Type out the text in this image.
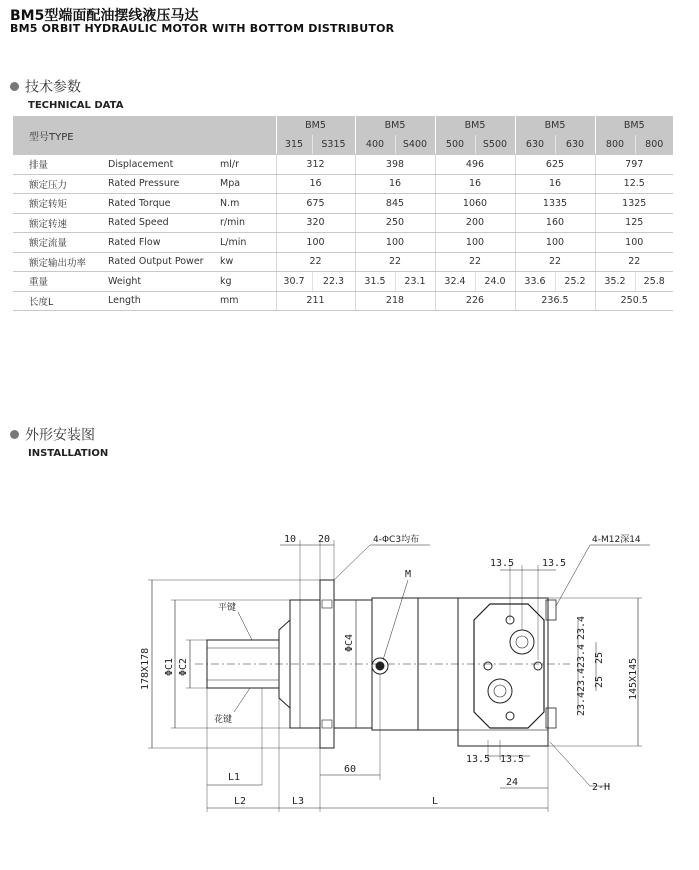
BM5型端面配油摆线液压马达
BM5 ORBIT HYDRAULIC MOTOR WITH BOTTOM DISTRIBUTOR
技术参数
TECHNICAL DATA
型号TYPE			BM5		BM5		BM5		BM5		BM5	
			315	S315	400	S400	500	S500	630	630	800	800
排量	Displacement	ml/r	312		398		496		625		797	
额定压力	Rated Pressure	Mpa	16		16		16		16		12.5	
额定转矩	Rated Torque	N.m	675		845		1060		1335		1325	
额定转速	Rated Speed	r/min	320		250		200		160		125	
额定流量	Rated Flow	L/min	100		100		100		100		100	
额定输出功率	Rated Output Power	kw	22		22		22		22		22	
重量	Weight	kg	30.7	22.3	31.5	23.1	32.4	24.0	33.6	25.2	35.2	25.8
长度L	Length	mm	211		218		226		236.5		250.5	
外形安装图
INSTALLATION
10 20	4-ΦC3均布
M
4-M12深14
13.5	13.5
平键
花键
178X178 ΦC1 ΦC2
ΦC4
23.4
23.4
23.4
23.4
25
25 145X145
60
13.5 13.5
24	2-H
L1
L2	L3	L
